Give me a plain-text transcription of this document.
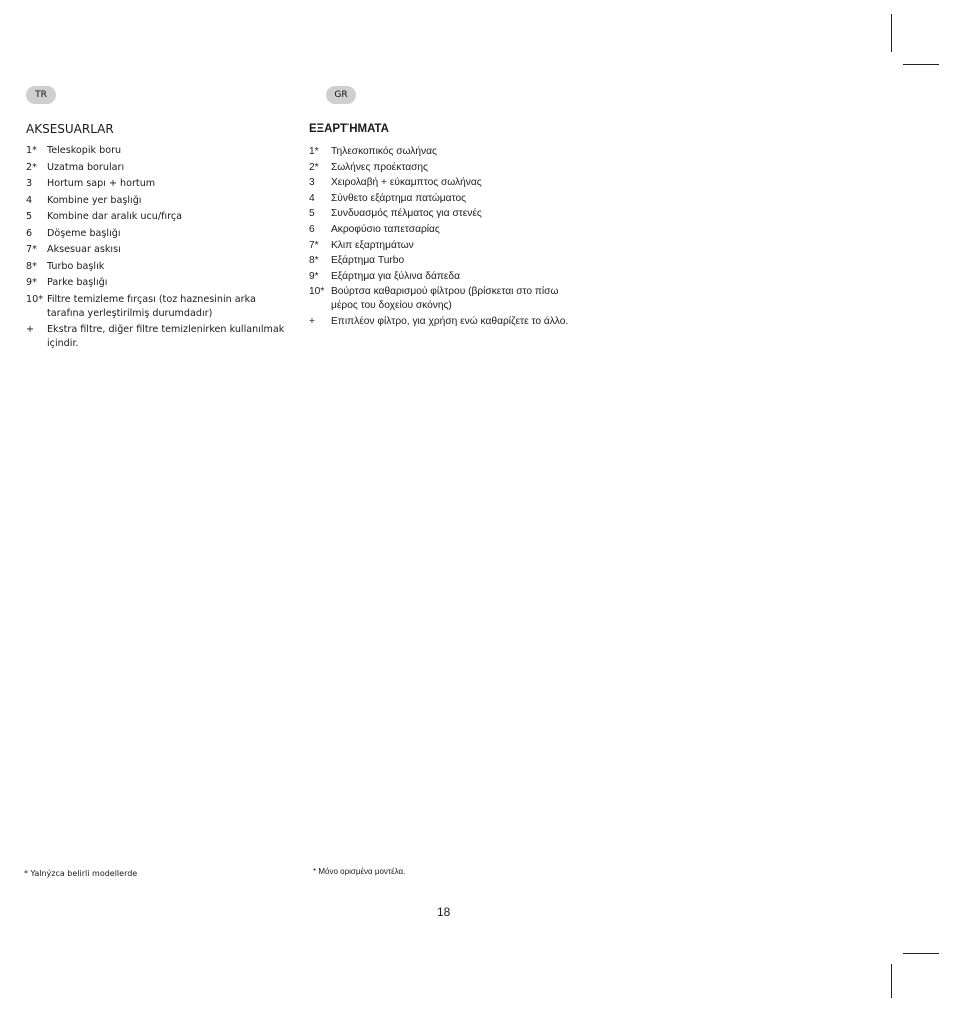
TR	GR
AKSESUARLAR
1*	Teleskopik boru
2*	Uzatma boruları
3	Hortum sapı + hortum
4	Kombine yer başlığı
5	Kombine dar aralık ucu/fırça
6	Döşeme başlığı
7*	Aksesuar askısı
8*	Turbo başlık
9*	Parke başlığı
10* Filtre temizleme fırçası (toz haznesinin arka tarafına yerleştirilmiş durumdadır)
+	Ekstra filtre, diğer filtre temizlenirken kullanılmak içindir.
ΕΞΑΡΤΉΜΑΤΑ
1*	Τηλεσκοπικός σωλήνας
2*	Σωλήνες προέκτασης
3	Χειρολαβή + εύκαμπτος σωλήνας
4	Σύνθετο εξάρτημα πατώματος
5	Συνδυασμός πέλματος για στενές
6	Ακροφύσιο ταπετσαρίας
7*	Κλιπ εξαρτημάτων
8*	Εξάρτημα Turbo
9*	Εξάρτημα για ξύλινα δάπεδα
10* Βούρτσα καθαρισμού φίλτρου (βρίσκεται στο πίσω μέρος του δοχείου σκόνης)
+	Επιπλέον φίλτρο, για χρήση ενώ καθαρίζετε το άλλο.
* Yalnýzca belirli modellerde	* Μόνο ορισμένα μοντέλα.
18
